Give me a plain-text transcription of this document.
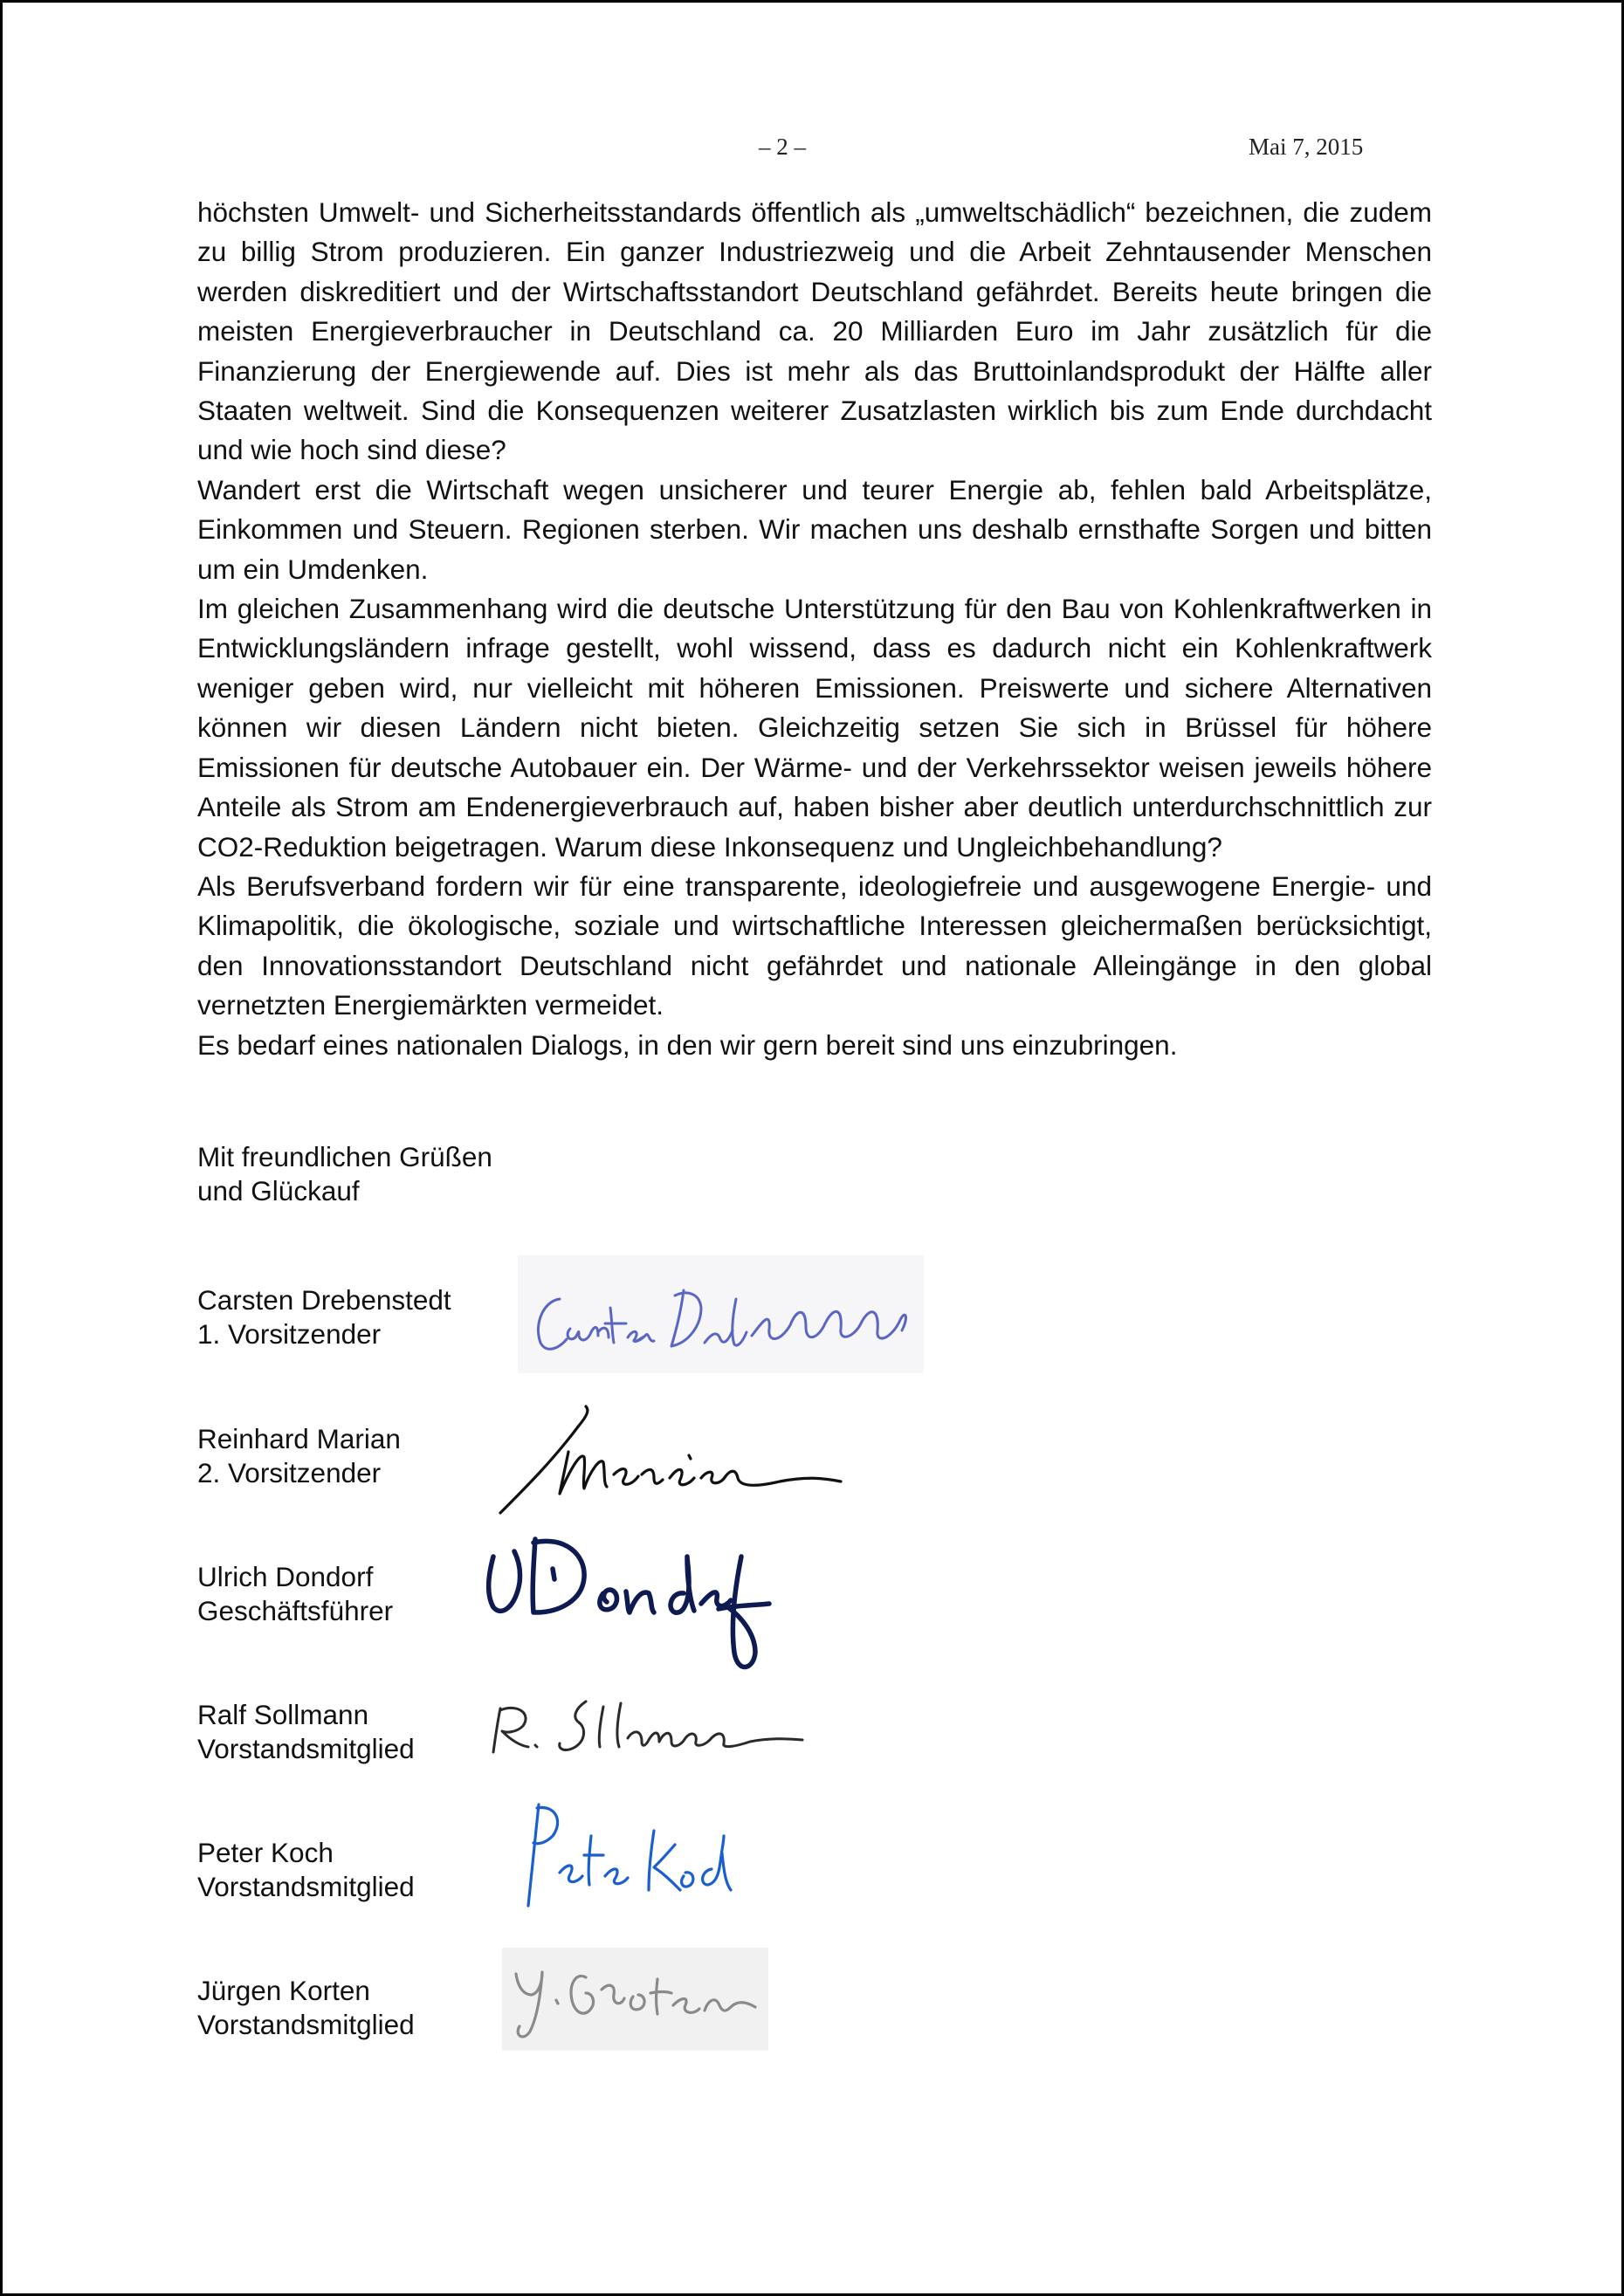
– 2 –	Mai 7, 2015

höchsten Umwelt- und Sicherheitsstandards öffentlich als „umweltschädlich“ bezeichnen, die zudem zu billig Strom produzieren. Ein ganzer Industriezweig und die Arbeit Zehntausender Menschen werden diskreditiert und der Wirtschaftsstandort Deutschland gefährdet. Bereits heute bringen die meisten Energieverbraucher in Deutschland ca. 20 Milliarden Euro im Jahr zusätzlich für die Finanzierung der Energiewende auf. Dies ist mehr als das Bruttoinlandsprodukt der Hälfte aller Staaten weltweit. Sind die Konsequenzen weiterer Zusatzlasten wirklich bis zum Ende durchdacht und wie hoch sind diese?

Wandert erst die Wirtschaft wegen unsicherer und teurer Energie ab, fehlen bald Arbeitsplätze, Einkommen und Steuern. Regionen sterben. Wir machen uns deshalb ernsthafte Sorgen und bitten um ein Umdenken.

Im gleichen Zusammenhang wird die deutsche Unterstützung für den Bau von Kohlenkraftwerken in Entwicklungsländern infrage gestellt, wohl wissend, dass es dadurch nicht ein Kohlenkraftwerk weniger geben wird, nur vielleicht mit höheren Emissionen. Preiswerte und sichere Alternativen können wir diesen Ländern nicht bieten. Gleichzeitig setzen Sie sich in Brüssel für höhere Emissionen für deutsche Autobauer ein. Der Wärme- und der Verkehrssektor weisen jeweils höhere Anteile als Strom am Endenergieverbrauch auf, haben bisher aber deutlich unterdurchschnittlich zur CO2-Reduktion beigetragen. Warum diese Inkonsequenz und Ungleichbehandlung?

Als Berufsverband fordern wir für eine transparente, ideologiefreie und ausgewogene Energie- und Klimapolitik, die ökologische, soziale und wirtschaftliche Interessen gleichermaßen berücksichtigt, den Innovationsstandort Deutschland nicht gefährdet und nationale Alleingänge in den global vernetzten Energiemärkten vermeidet.

Es bedarf eines nationalen Dialogs, in den wir gern bereit sind uns einzubringen.

Mit freundlichen Grüßen
und Glückauf
Carsten Drebenstedt
1. Vorsitzender
Reinhard Marian
2. Vorsitzender
Ulrich Dondorf
Geschäftsführer
Ralf Sollmann
Vorstandsmitglied
Peter Koch
Vorstandsmitglied
Jürgen Korten
Vorstandsmitglied
